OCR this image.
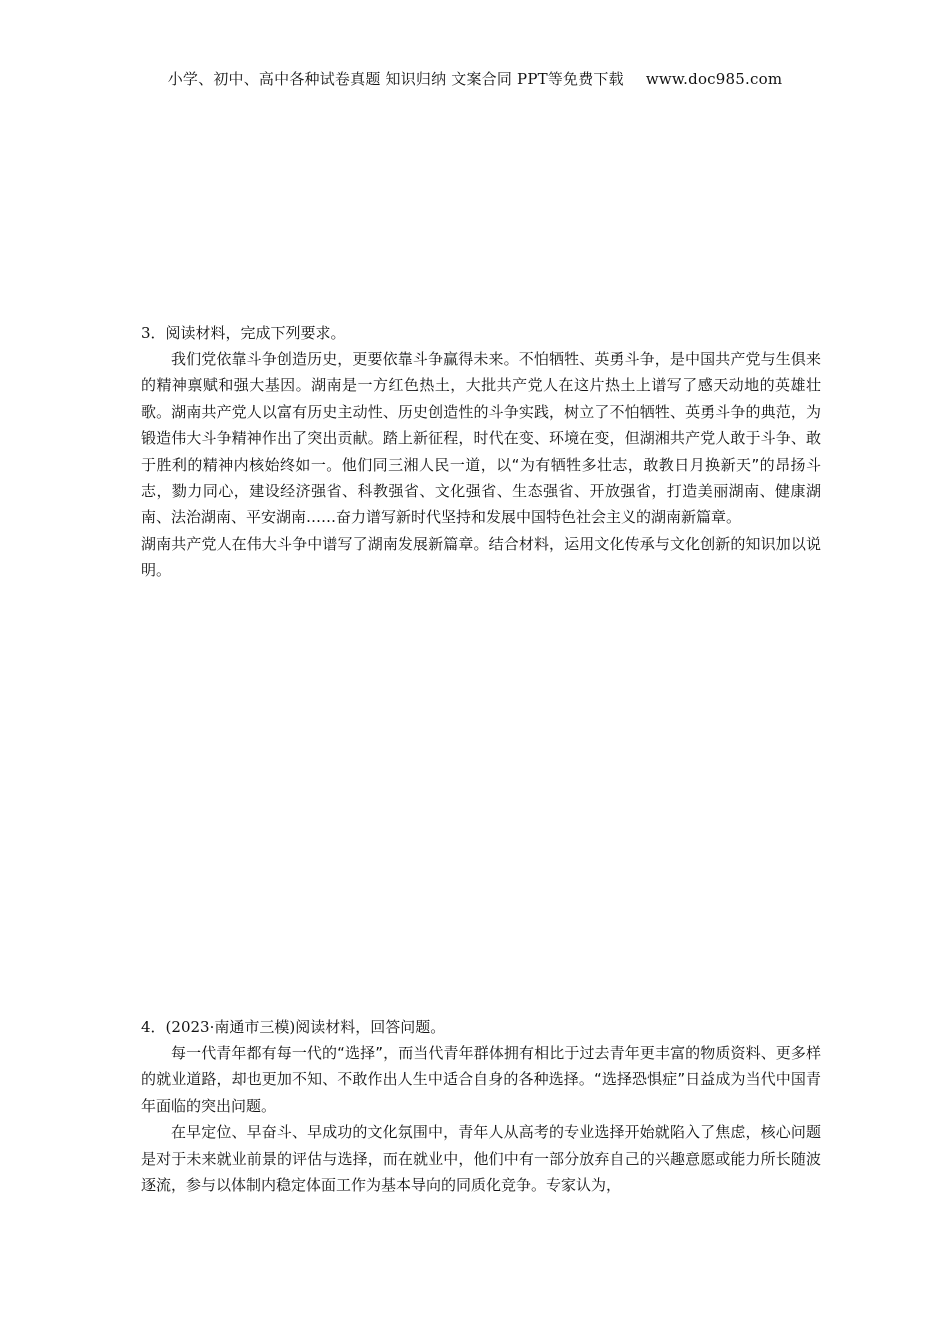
小学、初中、高中各种试卷真题 知识归纳 文案合同 PPT等免费下载 www.doc985.com
3．阅读材料，完成下列要求。

我们党依靠斗争创造历史，更要依靠斗争赢得未来。不怕牺牲、英勇斗争，是中国共产党与生俱来的精神禀赋和强大基因。湖南是一方红色热土，大批共产党人在这片热土上谱写了感天动地的英雄壮歌。湖南共产党人以富有历史主动性、历史创造性的斗争实践，树立了不怕牺牲、英勇斗争的典范，为锻造伟大斗争精神作出了突出贡献。踏上新征程，时代在变、环境在变，但湖湘共产党人敢于斗争、敢于胜利的精神内核始终如一。他们同三湘人民一道，以“为有牺牲多壮志，敢教日月换新天”的昂扬斗志，勠力同心，建设经济强省、科教强省、文化强省、生态强省、开放强省，打造美丽湖南、健康湖南、法治湖南、平安湖南……奋力谱写新时代坚持和发展中国特色社会主义的湖南新篇章。

湖南共产党人在伟大斗争中谱写了湖南发展新篇章。结合材料，运用文化传承与文化创新的知识加以说明。

4．(2023·南通市三模)阅读材料，回答问题。

每一代青年都有每一代的“选择”，而当代青年群体拥有相比于过去青年更丰富的物质资料、更多样的就业道路，却也更加不知、不敢作出人生中适合自身的各种选择。“选择恐惧症”日益成为当代中国青年面临的突出问题。

在早定位、早奋斗、早成功的文化氛围中，青年人从高考的专业选择开始就陷入了焦虑，核心问题是对于未来就业前景的评估与选择，而在就业中，他们中有一部分放弃自己的兴趣意愿或能力所长随波逐流，参与以体制内稳定体面工作为基本导向的同质化竞争。专家认为，
